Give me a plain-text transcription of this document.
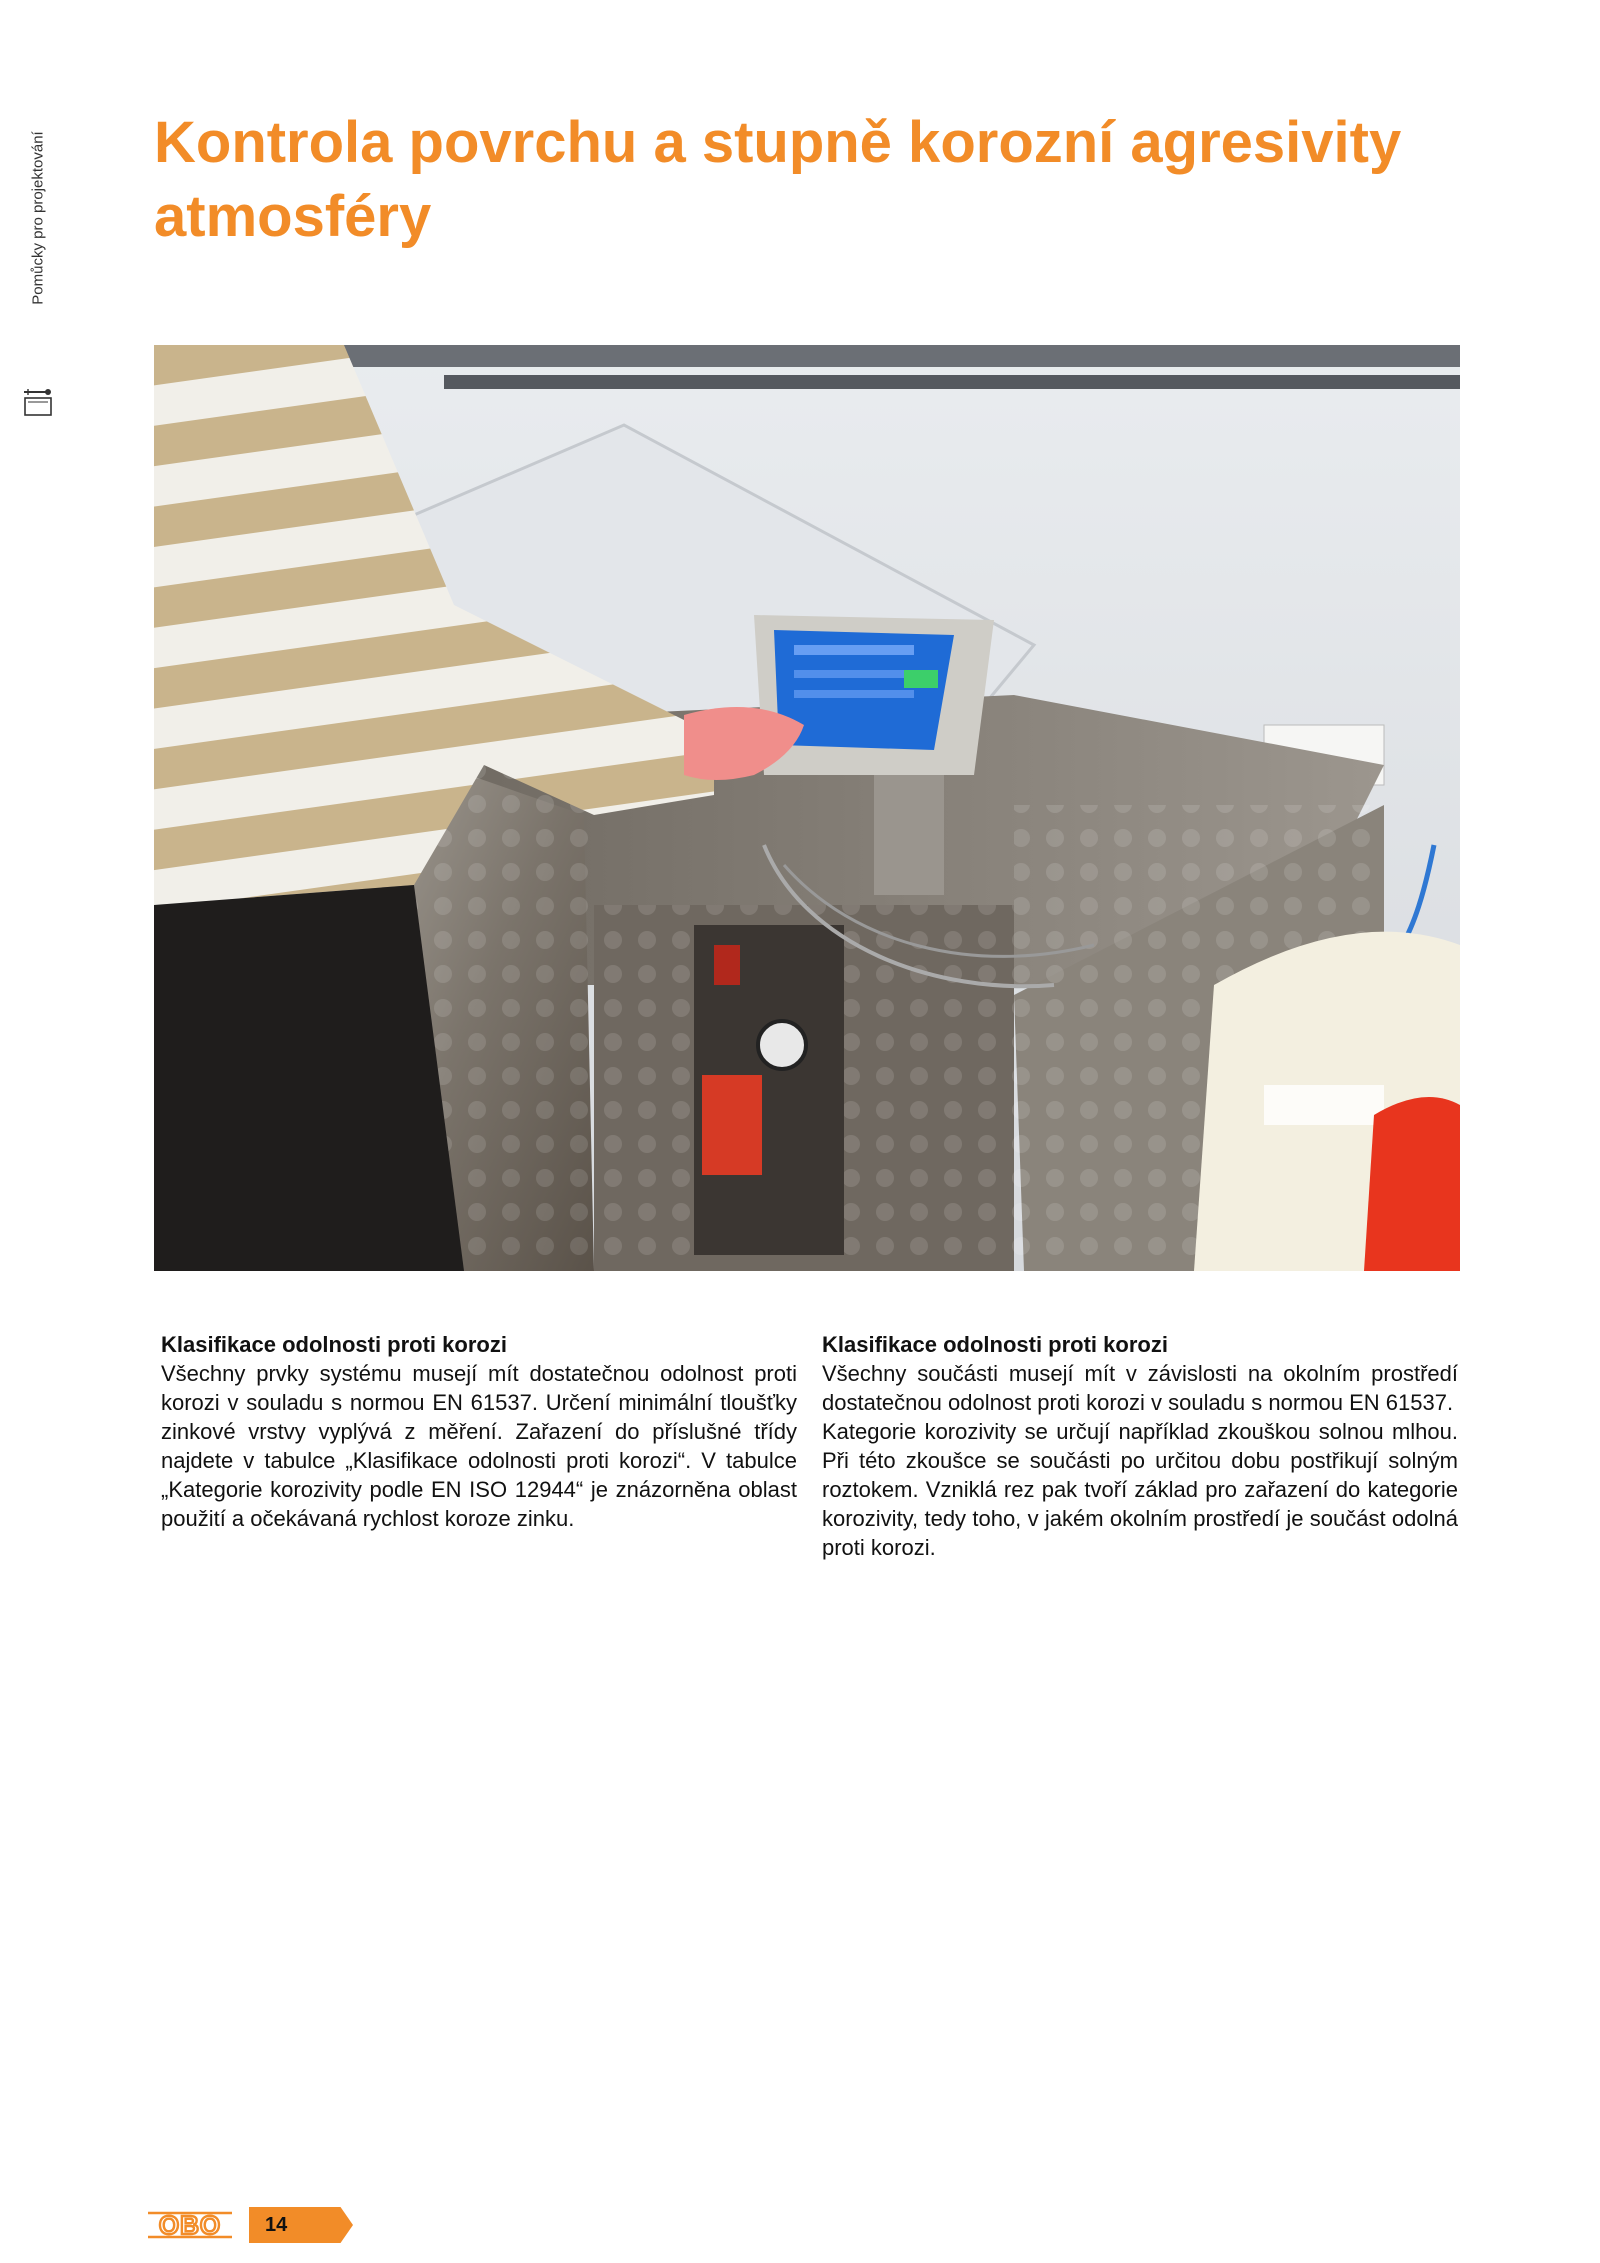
Pomůcky pro projektování Kontrola povrchu a stupně korozní agresivity atmosféry
Klasifikace odolnosti proti korozi

Všechny prvky systému musejí mít dostatečnou odolnost proti korozi v souladu s normou EN 61537. Určení minimální tloušťky zinkové vrstvy vyplývá z měření. Zařazení do příslušné třídy najdete v tabulce „Klasifikace odolnosti proti korozi“. V tabulce „Kategorie korozivity podle EN ISO 12944“ je znázorněna oblast použití a očekávaná rychlost koroze zinku.

Klasifikace odolnosti proti korozi

Všechny součásti musejí mít v závislosti na okolním prostředí dostatečnou odolnost proti korozi v souladu s normou EN 61537.

Kategorie korozivity se určují například zkouškou solnou mlhou. Při této zkoušce se součásti po určitou dobu postřikují solným roztokem. Vzniklá rez pak tvoří základ pro zařazení do kategorie korozivity, tedy toho, v jakém okolním prostředí je součást odolná proti korozi.

OBO 14
